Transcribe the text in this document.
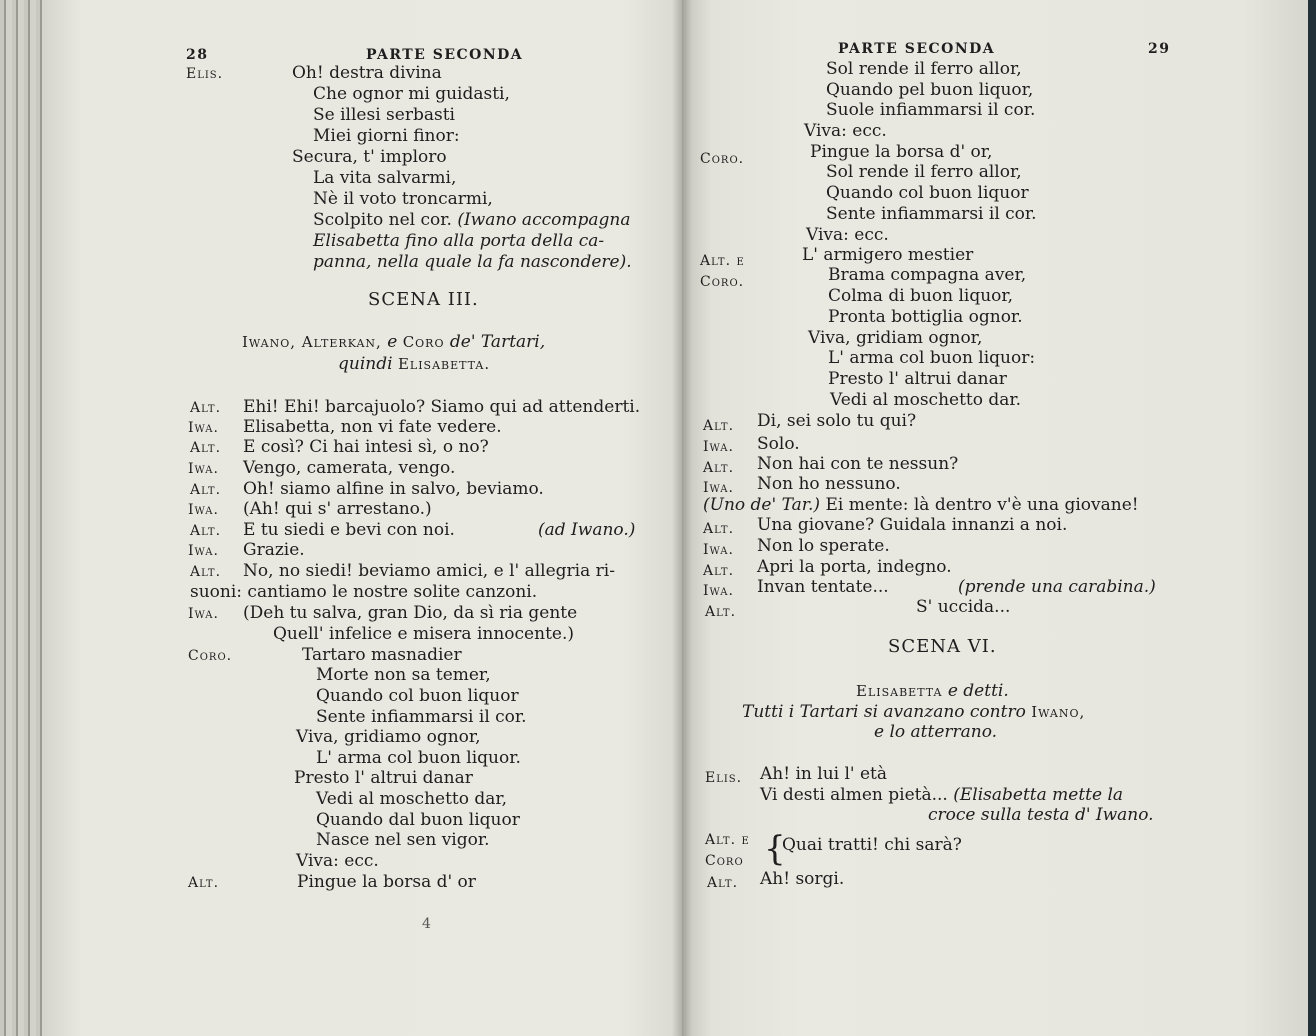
28	PARTE SECONDA
Elis.	Oh! destra divina
Che ognor mi guidasti,
Se illesi serbasti
Miei giorni finor:
Secura, t' imploro
La vita salvarmi,
Nè il voto troncarmi,
Scolpito nel cor. (Iwano accompagna
Elisabetta fino alla porta della ca-
panna, nella quale la fa nascondere).
SCENA III.
Iwano, Alterkan, e Coro de' Tartari,
quindi Elisabetta.
Alt. Ehi! Ehi! barcajuolo? Siamo qui ad attenderti.
Iwa. Elisabetta, non vi fate vedere.
Alt. E così? Ci hai intesi sì, o no?
Iwa. Vengo, camerata, vengo.
Alt. Oh! siamo alfine in salvo, beviamo.
Iwa. (Ah! qui s' arrestano.)
Alt. E tu siedi e bevi con noi.	(ad Iwano.)
Iwa. Grazie.
Alt. No, no siedi! beviamo amici, e l' allegria ri-
suoni: cantiamo le nostre solite canzoni.
Iwa. (Deh tu salva, gran Dio, da sì ria gente
Quell' infelice e misera innocente.)
Coro.	Tartaro masnadier
Morte non sa temer,
Quando col buon liquor
Sente infiammarsi il cor.
Viva, gridiamo ognor,
L' arma col buon liquor.
Presto l' altrui danar
Vedi al moschetto dar,
Quando dal buon liquor
Nasce nel sen vigor.
Viva: ecc.
Alt.	Pingue la borsa d' or
4
PARTE SECONDA	29
Sol rende il ferro allor,
Quando pel buon liquor,
Suole infiammarsi il cor.
Viva: ecc.
Coro.	Pingue la borsa d' or,
Sol rende il ferro allor,
Quando col buon liquor
Sente infiammarsi il cor.
Viva: ecc.
Alt. e
Coro.
L' armigero mestier
Brama compagna aver,
Colma di buon liquor,
Pronta bottiglia ognor.
Viva, gridiam ognor,
L' arma col buon liquor:
Presto l' altrui danar
Vedi al moschetto dar.
Alt. Di, sei solo tu qui?
Iwa. Solo.
Alt. Non hai con te nessun?
Iwa. Non ho nessuno.
(Uno de' Tar.) Ei mente: là dentro v'è una giovane!
Alt. Una giovane? Guidala innanzi a noi.
Iwa. Non lo sperate.
Alt. Apri la porta, indegno.
Iwa. Invan tentate...	(prende una carabina.)
Alt.	S' uccida...
SCENA VI.
Elisabetta e detti.
Tutti i Tartari si avanzano contro Iwano,
e lo atterrano.
Elis. Ah! in lui l' età
Vi desti almen pietà... (Elisabetta mette la
croce sulla testa d' Iwano.
Alt. e
Coro {
Quai tratti! chi sarà?
Alt. Ah! sorgi.
